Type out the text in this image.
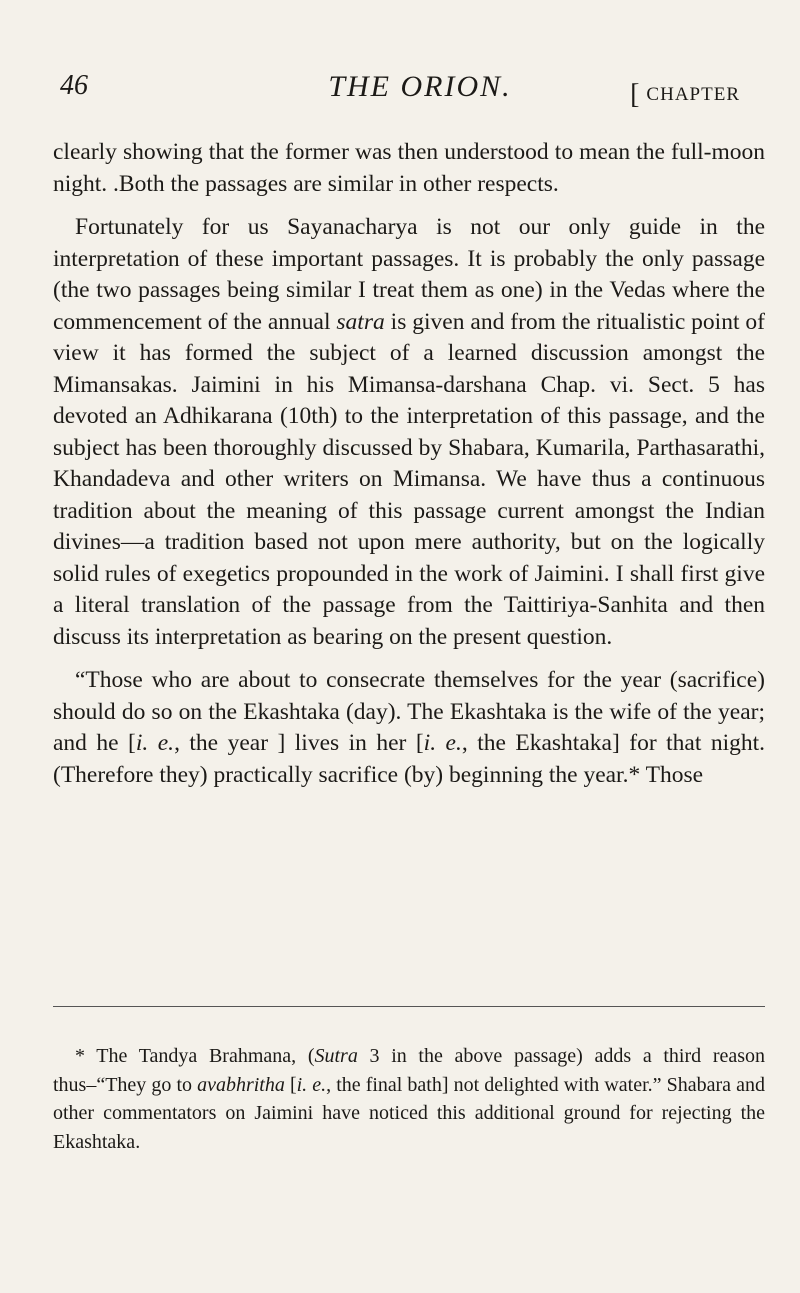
46	THE ORION.
[	CHAPTER

clearly showing that the former was then understood to mean the full-moon night. .Both the passages are similar in other respects.

Fortunately for us Sayanacharya is not our only guide in the interpretation of these important passages. It is probably the only passage (the two passages being similar I treat them as one) in the Vedas where the commencement of the annual satra is given and from the ritualistic point of view it has formed the subject of a learned discussion amongst the Mimansakas. Jaimini in his Mimansa-darshana Chap. vi. Sect. 5 has devoted an Adhikarana (10th) to the interpretation of this passage, and the subject has been thoroughly discussed by Shabara, Kumarila, Parthasarathi, Khandadeva and other writers on Mimansa. We have thus a continuous tradition about the meaning of this passage current amongst the Indian divines—a tradition based not upon mere authority, but on the logically solid rules of exegetics propounded in the work of Jaimini. I shall first give a literal translation of the passage from the Taittiriya-Sanhita and then discuss its interpretation as bearing on the present question.

“Those who are about to consecrate themselves for the year (sacrifice) should do so on the Ekashtaka (day). The Ekashtaka is the wife of the year; and he [i. e., the year ] lives in her [i. e., the Ekashtaka] for that night. (Therefore they) practically sacrifice (by) beginning the year.* Those

* The Tandya Brahmana, (Sutra 3 in the above passage) adds a third reason thus–“They go to avabhritha [i. e., the final bath] not delighted with water.” Shabara and other commentators on Jaimini have noticed this additional ground for rejecting the Ekashtaka.
